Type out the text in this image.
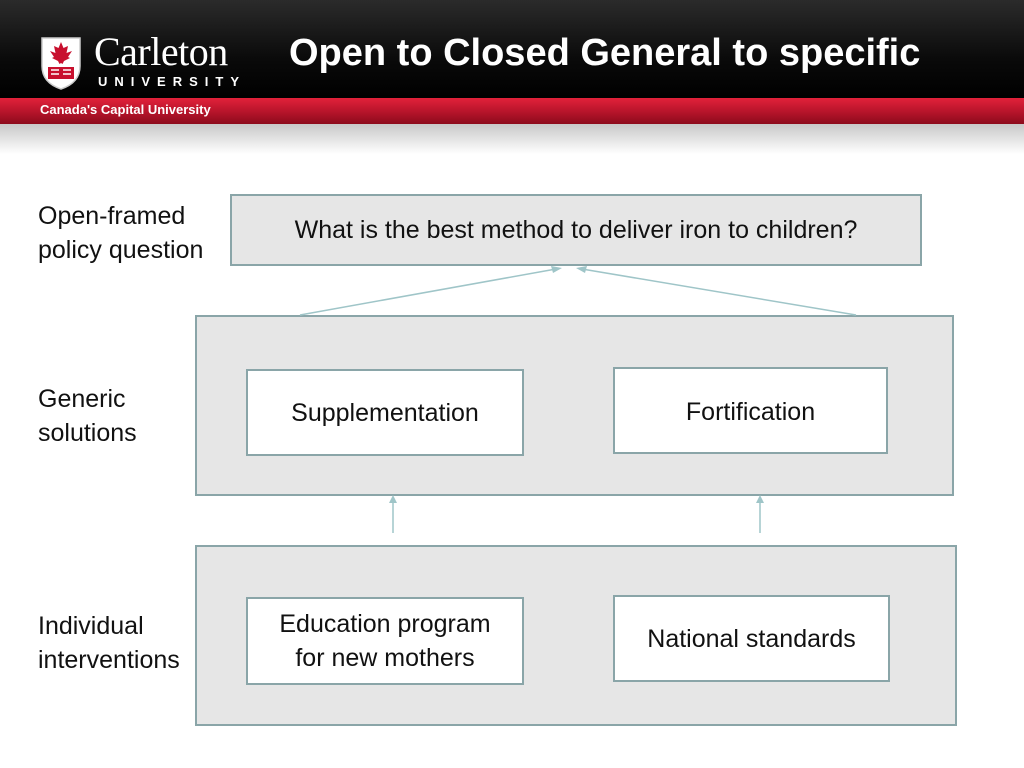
Carleton
UNIVERSITY
Open to Closed General to specific
Canada's Capital University
Open-framed
policy question
Generic
solutions
Individual
interventions
What is the best method to deliver iron to children?
Supplementation	Fortification
Education program
for new mothers
National standards
